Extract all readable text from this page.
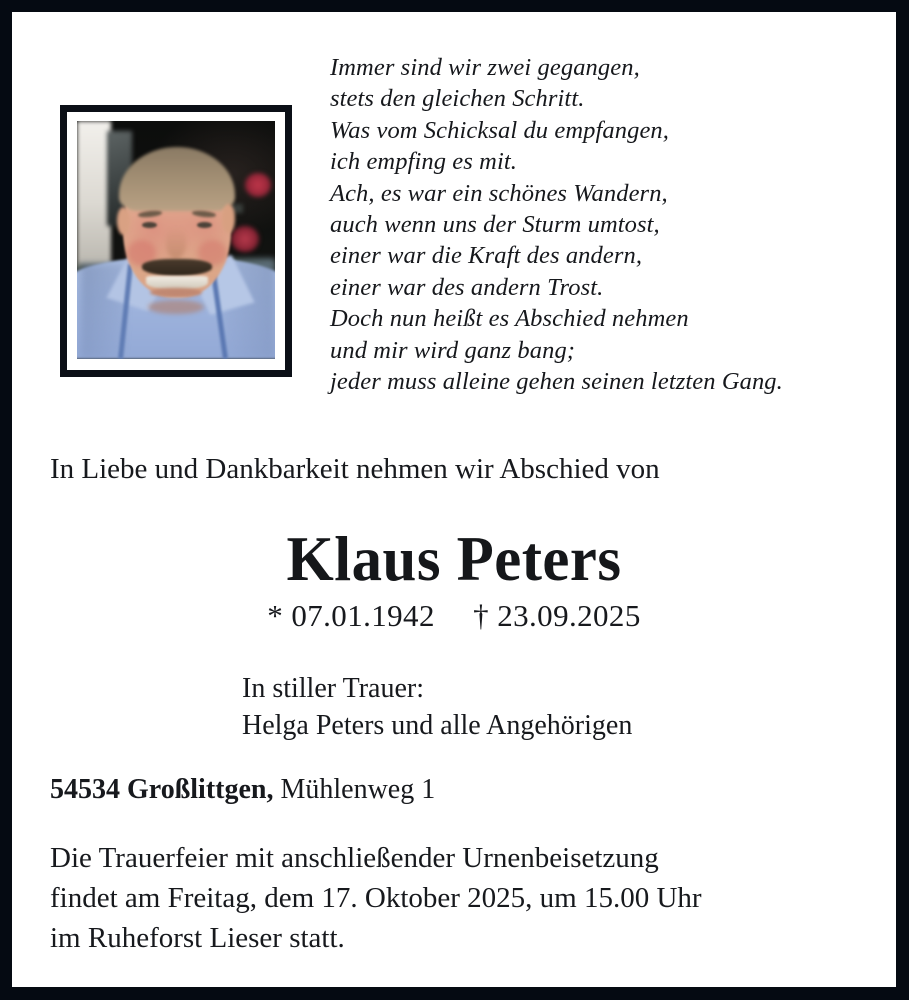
Immer sind wir zwei gegangen,
stets den gleichen Schritt.
Was vom Schicksal du empfangen,
ich empfing es mit.
Ach, es war ein schönes Wandern,
auch wenn uns der Sturm umtost,
einer war die Kraft des andern,
einer war des andern Trost.
Doch nun heißt es Abschied nehmen
und mir wird ganz bang;
jeder muss alleine gehen seinen letzten Gang.
In Liebe und Dankbarkeit nehmen wir Abschied von
Klaus Peters
* 07.01.1942 † 23.09.2025
In stiller Trauer:
Helga Peters und alle Angehörigen
54534 Großlittgen, Mühlenweg 1
Die Trauerfeier mit anschließender Urnenbeisetzung
findet am Freitag, dem 17. Oktober 2025, um 15.00 Uhr
im Ruheforst Lieser statt.
